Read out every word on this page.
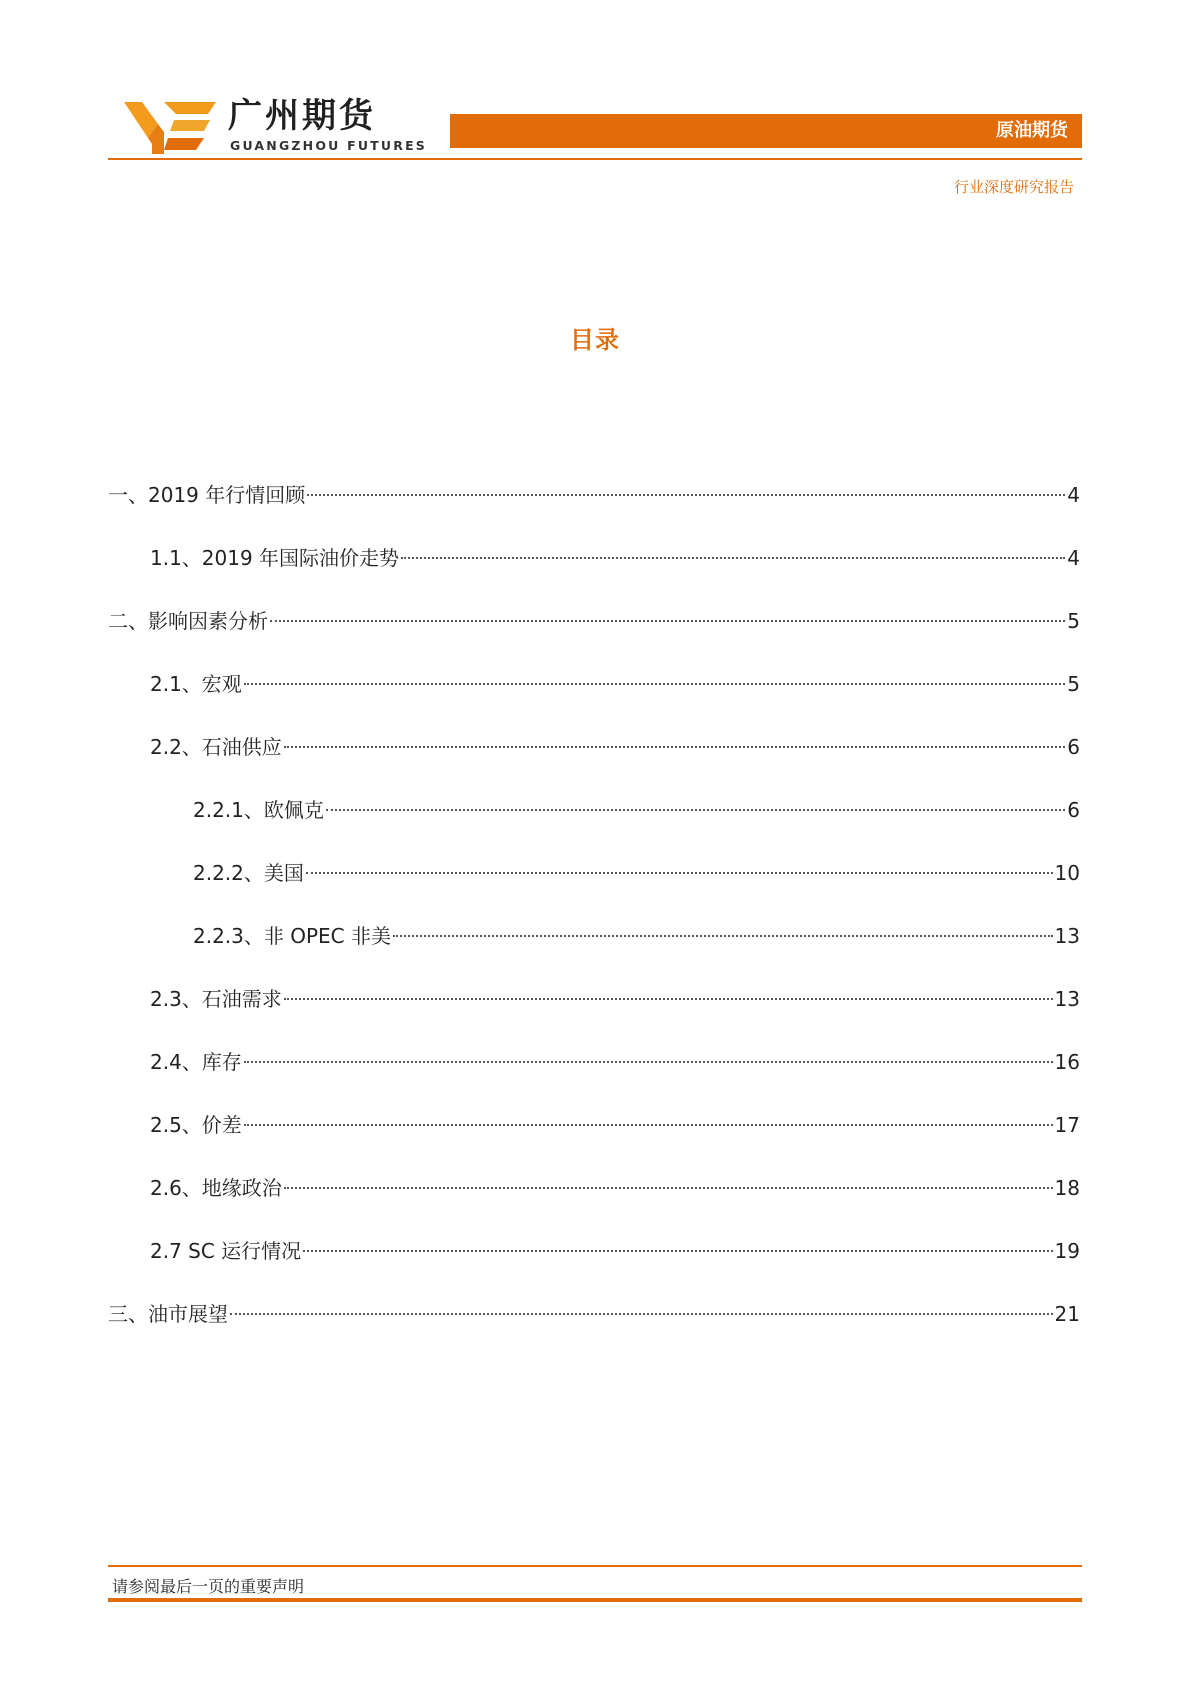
广州期货
GUANGZHOU FUTURES
原油期货
行业深度研究报告
目录
一、2019 年行情回顾	4
1.1、2019 年国际油价走势	4
二、影响因素分析	5
2.1、宏观	5
2.2、石油供应	6
2.2.1、欧佩克	6
2.2.2、美国	10
2.2.3、非 OPEC 非美	13
2.3、石油需求	13
2.4、库存	16
2.5、价差	17
2.6、地缘政治	18
2.7 SC 运行情况	19
三、油市展望	21
请参阅最后一页的重要声明
